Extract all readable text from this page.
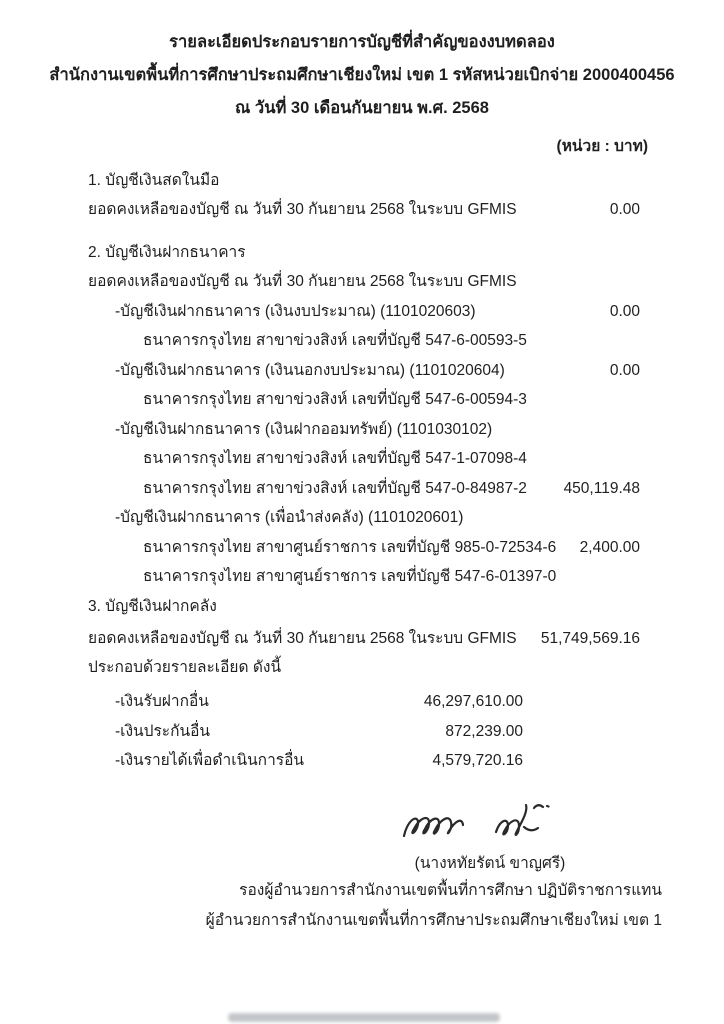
รายละเอียดประกอบรายการบัญชีที่สำคัญของงบทดลอง
สำนักงานเขตพื้นที่การศึกษาประถมศึกษาเชียงใหม่ เขต 1 รหัสหน่วยเบิกจ่าย 2000400456
ณ วันที่ 30 เดือนกันยายน พ.ศ. 2568
(หน่วย : บาท)
1. บัญชีเงินสดในมือ
ยอดคงเหลือของบัญชี ณ วันที่ 30 กันยายน 2568 ในระบบ GFMIS	0.00
2. บัญชีเงินฝากธนาคาร
ยอดคงเหลือของบัญชี ณ วันที่ 30 กันยายน 2568 ในระบบ GFMIS
-บัญชีเงินฝากธนาคาร (เงินงบประมาณ) (1101020603)	0.00
ธนาคารกรุงไทย สาขาข่วงสิงห์ เลขที่บัญชี 547-6-00593-5
-บัญชีเงินฝากธนาคาร (เงินนอกงบประมาณ) (1101020604)	0.00
ธนาคารกรุงไทย สาขาข่วงสิงห์ เลขที่บัญชี 547-6-00594-3
-บัญชีเงินฝากธนาคาร (เงินฝากออมทรัพย์) (1101030102)
ธนาคารกรุงไทย สาขาข่วงสิงห์ เลขที่บัญชี 547-1-07098-4
ธนาคารกรุงไทย สาขาข่วงสิงห์ เลขที่บัญชี 547-0-84987-2 450,119.48
-บัญชีเงินฝากธนาคาร (เพื่อนำส่งคลัง) (1101020601)
ธนาคารกรุงไทย สาขาศูนย์ราชการ เลขที่บัญชี 985-0-72534-6 2,400.00
ธนาคารกรุงไทย สาขาศูนย์ราชการ เลขที่บัญชี 547-6-01397-0
3. บัญชีเงินฝากคลัง
ยอดคงเหลือของบัญชี ณ วันที่ 30 กันยายน 2568 ในระบบ GFMIS 51,749,569.16
ประกอบด้วยรายละเอียด ดังนี้
-เงินรับฝากอื่น	46,297,610.00
-เงินประกันอื่น	872,239.00
-เงินรายได้เพื่อดำเนินการอื่น	4,579,720.16
(นางหทัยรัตน์ ขาญศรี)
รองผู้อำนวยการสำนักงานเขตพื้นที่การศึกษา ปฏิบัติราชการแทน
ผู้อำนวยการสำนักงานเขตพื้นที่การศึกษาประถมศึกษาเชียงใหม่ เขต 1
